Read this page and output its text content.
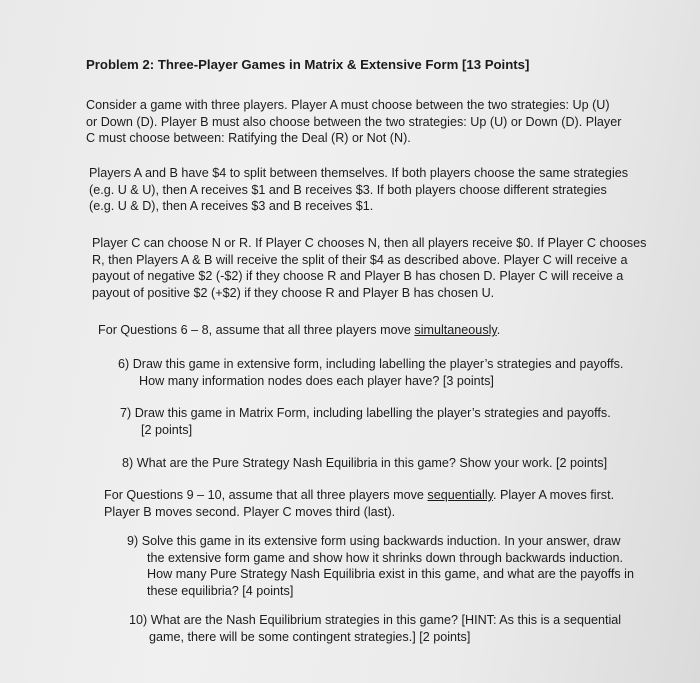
Problem 2: Three-Player Games in Matrix & Extensive Form [13 Points]
Consider a game with three players. Player A must choose between the two strategies: Up (U)
or Down (D). Player B must also choose between the two strategies: Up (U) or Down (D). Player
C must choose between: Ratifying the Deal (R) or Not (N).
Players A and B have $4 to split between themselves. If both players choose the same strategies
(e.g. U & U), then A receives $1 and B receives $3. If both players choose different strategies
(e.g. U & D), then A receives $3 and B receives $1.
Player C can choose N or R. If Player C chooses N, then all players receive $0. If Player C chooses
R, then Players A & B will receive the split of their $4 as described above. Player C will receive a
payout of negative $2 (-$2) if they choose R and Player B has chosen D. Player C will receive a
payout of positive $2 (+$2) if they choose R and Player B has chosen U.
For Questions 6 – 8, assume that all three players move simultaneously.
6) Draw this game in extensive form, including labelling the player’s strategies and payoffs.
How many information nodes does each player have? [3 points]
7) Draw this game in Matrix Form, including labelling the player’s strategies and payoffs.
[2 points]
8) What are the Pure Strategy Nash Equilibria in this game? Show your work. [2 points]
For Questions 9 – 10, assume that all three players move sequentially. Player A moves first.
Player B moves second. Player C moves third (last).
9) Solve this game in its extensive form using backwards induction. In your answer, draw
the extensive form game and show how it shrinks down through backwards induction.
How many Pure Strategy Nash Equilibria exist in this game, and what are the payoffs in
these equilibria? [4 points]
10) What are the Nash Equilibrium strategies in this game? [HINT: As this is a sequential
game, there will be some contingent strategies.] [2 points]
